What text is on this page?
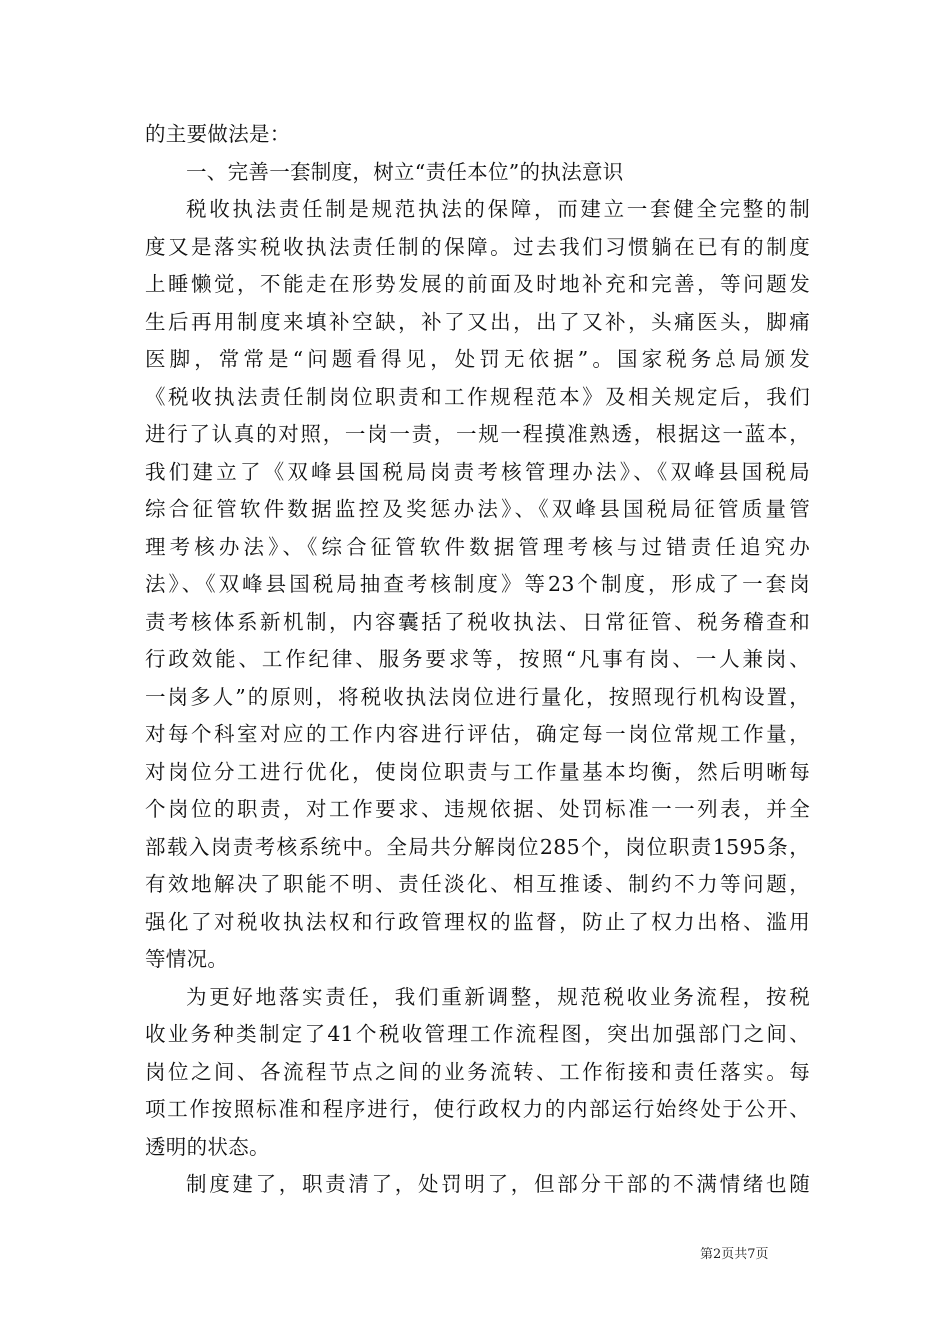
的主要做法是：
一、完善一套制度，树立“责任本位”的执法意识
税收执法责任制是规范执法的保障，而建立一套健全完整的制
度又是落实税收执法责任制的保障。过去我们习惯躺在已有的制度
上睡懒觉，不能走在形势发展的前面及时地补充和完善，等问题发
生后再用制度来填补空缺，补了又出，出了又补，头痛医头，脚痛
医脚，常常是“问题看得见，处罚无依据”。国家税务总局颁发
《税收执法责任制岗位职责和工作规程范本》及相关规定后，我们
进行了认真的对照，一岗一责，一规一程摸准熟透，根据这一蓝本，
我们建立了《双峰县国税局岗责考核管理办法》、《双峰县国税局
综合征管软件数据监控及奖惩办法》、《双峰县国税局征管质量管
理考核办法》、《综合征管软件数据管理考核与过错责任追究办
法》、《双峰县国税局抽查考核制度》等23个制度，形成了一套岗
责考核体系新机制，内容囊括了税收执法、日常征管、税务稽查和
行政效能、工作纪律、服务要求等，按照“凡事有岗、一人兼岗、
一岗多人”的原则，将税收执法岗位进行量化，按照现行机构设置，
对每个科室对应的工作内容进行评估，确定每一岗位常规工作量，
对岗位分工进行优化，使岗位职责与工作量基本均衡，然后明晰每
个岗位的职责，对工作要求、违规依据、处罚标准一一列表，并全
部载入岗责考核系统中。全局共分解岗位285个，岗位职责1595条，
有效地解决了职能不明、责任淡化、相互推诿、制约不力等问题，
强化了对税收执法权和行政管理权的监督，防止了权力出格、滥用
等情况。
为更好地落实责任，我们重新调整，规范税收业务流程，按税
收业务种类制定了41个税收管理工作流程图，突出加强部门之间、
岗位之间、各流程节点之间的业务流转、工作衔接和责任落实。每
项工作按照标准和程序进行，使行政权力的内部运行始终处于公开、
透明的状态。
制度建了，职责清了，处罚明了，但部分干部的不满情绪也随
第2页共7页
